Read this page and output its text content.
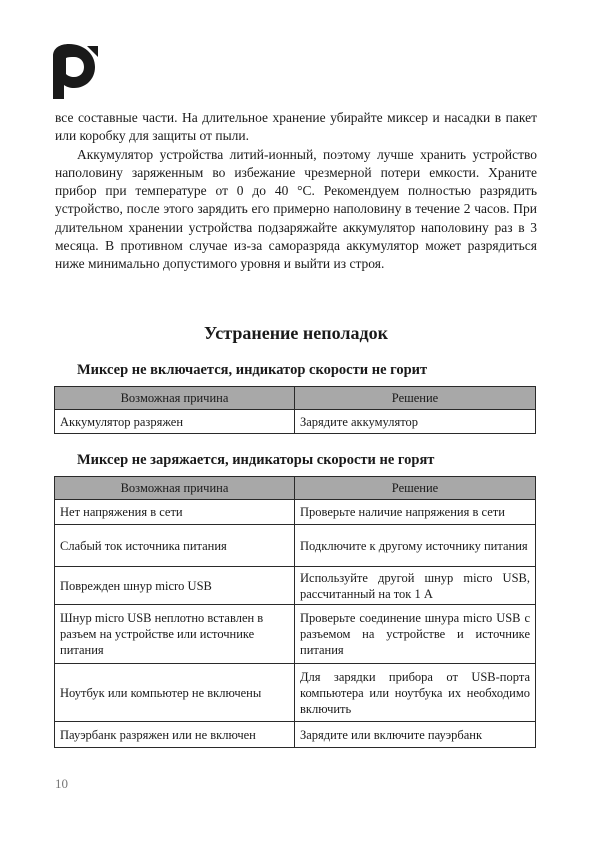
все составные части. На длительное хранение убирайте миксер и насадки в пакет или коробку для защиты от пыли.

Аккумулятор устройства литий-ионный, поэтому лучше хранить устройство наполовину заряженным во избежание чрезмерной потери емкости. Храните прибор при температуре от 0 до 40 °С. Рекомендуем полностью разрядить устройство, после этого зарядить его примерно наполовину в течение 2 часов. При длительном хранении устройства подзаряжайте аккумулятор наполовину раз в 3 месяца. В противном случае из-за саморазряда аккумулятор может разрядиться ниже минимально допустимого уровня и выйти из строя.

Устранение неполадок
Миксер не включается, индикатор скорости не горит
Возможная причина	Решение
Аккумулятор разряжен	Зарядите аккумулятор
Миксер не заряжается, индикаторы скорости не горят
Возможная причина	Решение
Нет напряжения в сети	Проверьте наличие напряжения в сети
Слабый ток источника питания	Подключите к другому источнику питания
Поврежден шнур micro USB	Используйте другой шнур micro USB, рассчитанный на ток 1 А
Шнур micro USB неплотно вставлен в разъем на устройстве или источнике питания	Проверьте соединение шнура micro USB с разъемом на устройстве и источнике питания
Ноутбук или компьютер не включены	Для зарядки прибора от USB-порта компьютера или ноутбука их необходимо включить
Пауэрбанк разряжен или не включен	Зарядите или включите пауэрбанк
10
